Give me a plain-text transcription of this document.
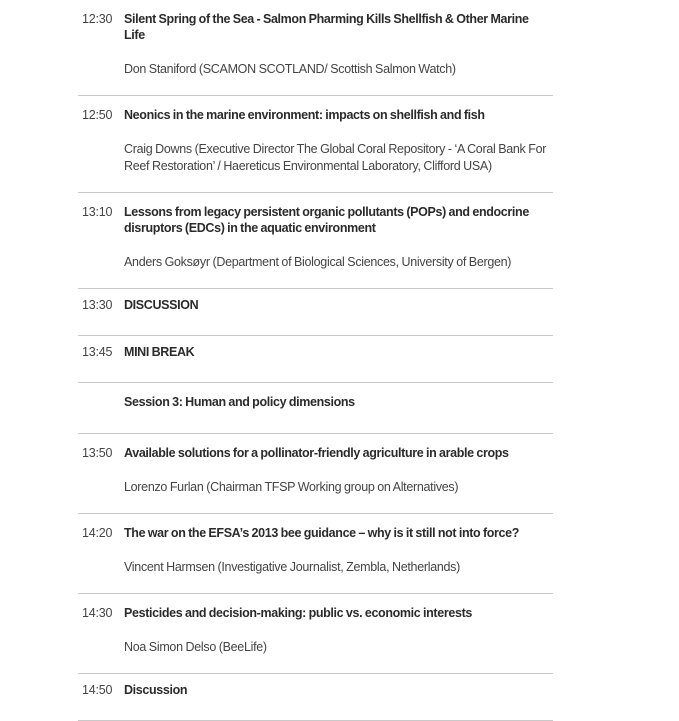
12:30 Silent Spring of the Sea - Salmon Pharming Kills Shellfish & Other Marine Life
Don Staniford (SCAMON SCOTLAND/ Scottish Salmon Watch)
12:50 Neonics in the marine environment: impacts on shellfish and fish
Craig Downs (Executive Director The Global Coral Repository - ‘A Coral Bank For Reef Restoration’ / Haereticus Environmental Laboratory, Clifford USA)
13:10 Lessons from legacy persistent organic pollutants (POPs) and endocrine disruptors (EDCs) in the aquatic environment
Anders Goksøyr (Department of Biological Sciences, University of Bergen)
13:30 DISCUSSION
13:45 MINI BREAK
Session 3: Human and policy dimensions
13:50 Available solutions for a pollinator-friendly agriculture in arable crops
Lorenzo Furlan (Chairman TFSP Working group on Alternatives)
14:20 The war on the EFSA’s 2013 bee guidance – why is it still not into force?
Vincent Harmsen (Investigative Journalist, Zembla, Netherlands)
14:30 Pesticides and decision-making: public vs. economic interests
Noa Simon Delso (BeeLife)
14:50 Discussion
